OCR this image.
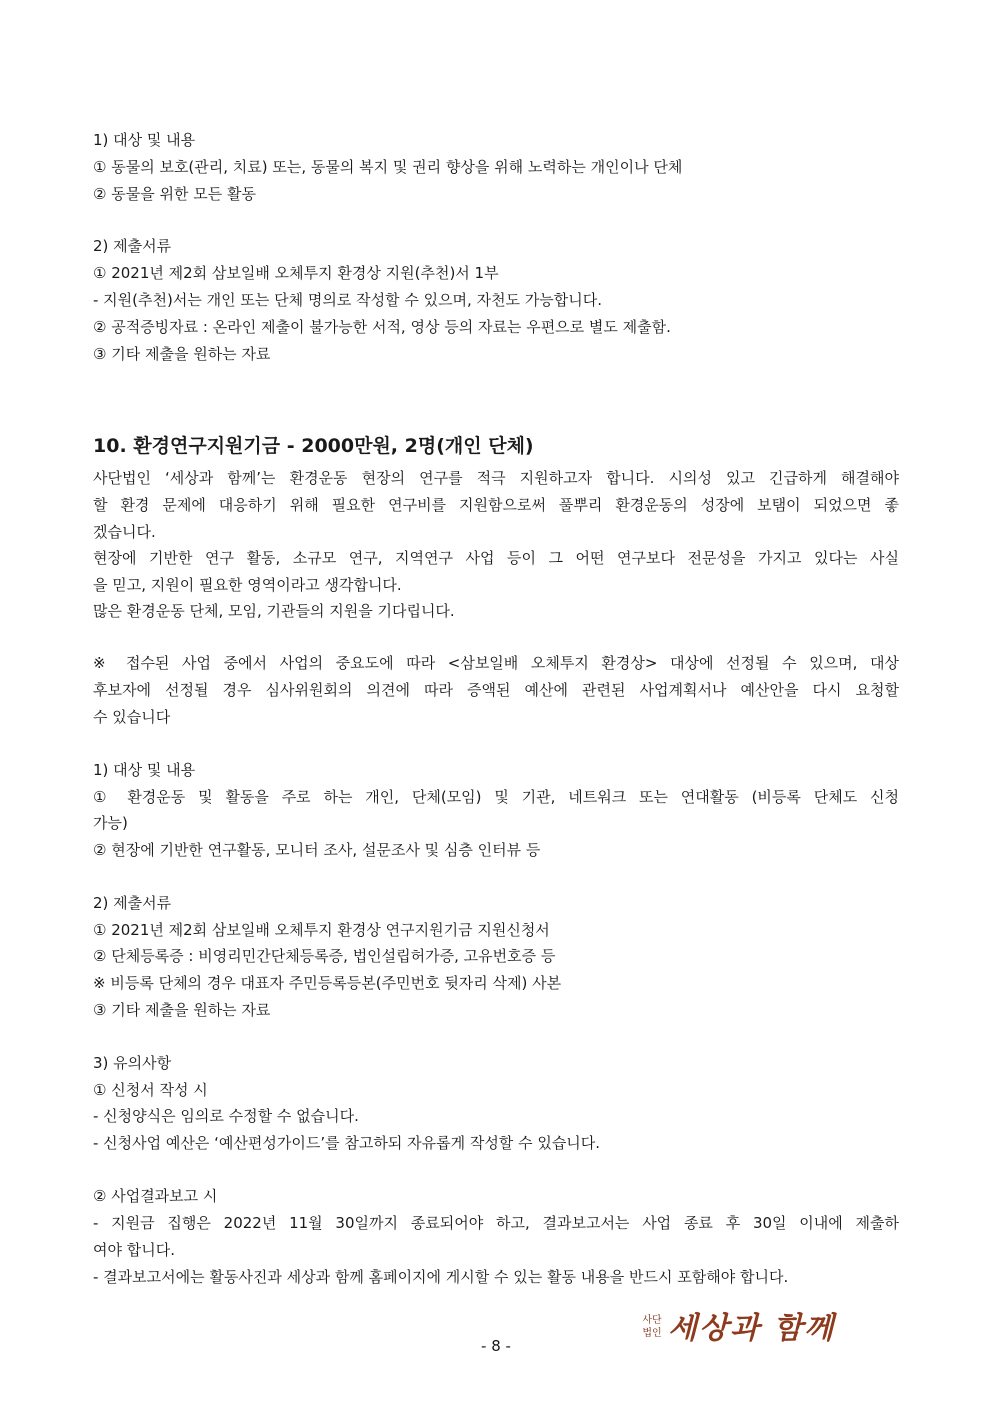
1) 대상 및 내용
① 동물의 보호(관리, 치료) 또는, 동물의 복지 및 권리 향상을 위해 노력하는 개인이나 단체
② 동물을 위한 모든 활동
2) 제출서류
① 2021년 제2회 삼보일배 오체투지 환경상 지원(추천)서 1부
- 지원(추천)서는 개인 또는 단체 명의로 작성할 수 있으며, 자천도 가능합니다.
② 공적증빙자료 : 온라인 제출이 불가능한 서적, 영상 등의 자료는 우편으로 별도 제출함.
③ 기타 제출을 원하는 자료
10. 환경연구지원기금 - 2000만원, 2명(개인 단체)
사단법인 ‘세상과 함께’는 환경운동 현장의 연구를 적극 지원하고자 합니다. 시의성 있고 긴급하게 해결해야
할 환경 문제에 대응하기 위해 필요한 연구비를 지원함으로써 풀뿌리 환경운동의 성장에 보탬이 되었으면 좋
겠습니다.
현장에 기반한 연구 활동, 소규모 연구, 지역연구 사업 등이 그 어떤 연구보다 전문성을 가지고 있다는 사실
을 믿고, 지원이 필요한 영역이라고 생각합니다.
많은 환경운동 단체, 모임, 기관들의 지원을 기다립니다.
※ 접수된 사업 중에서 사업의 중요도에 따라 <삼보일배 오체투지 환경상> 대상에 선정될 수 있으며, 대상
후보자에 선정될 경우 심사위원회의 의견에 따라 증액된 예산에 관련된 사업계획서나 예산안을 다시 요청할
수 있습니다
1) 대상 및 내용
① 환경운동 및 활동을 주로 하는 개인, 단체(모임) 및 기관, 네트워크 또는 연대활동 (비등록 단체도 신청
가능)
② 현장에 기반한 연구활동, 모니터 조사, 설문조사 및 심층 인터뷰 등
2) 제출서류
① 2021년 제2회 삼보일배 오체투지 환경상 연구지원기금 지원신청서
② 단체등록증 : 비영리민간단체등록증, 법인설립허가증, 고유번호증 등
※ 비등록 단체의 경우 대표자 주민등록등본(주민번호 뒷자리 삭제) 사본
③ 기타 제출을 원하는 자료
3) 유의사항
① 신청서 작성 시
- 신청양식은 임의로 수정할 수 없습니다.
- 신청사업 예산은 ‘예산편성가이드’를 참고하되 자유롭게 작성할 수 있습니다.
② 사업결과보고 시
- 지원금 집행은 2022년 11월 30일까지 종료되어야 하고, 결과보고서는 사업 종료 후 30일 이내에 제출하
여야 합니다.
- 결과보고서에는 활동사진과 세상과 함께 홈페이지에 게시할 수 있는 활동 내용을 반드시 포함해야 합니다.
- 8 -
사단법인 세상과 함께
